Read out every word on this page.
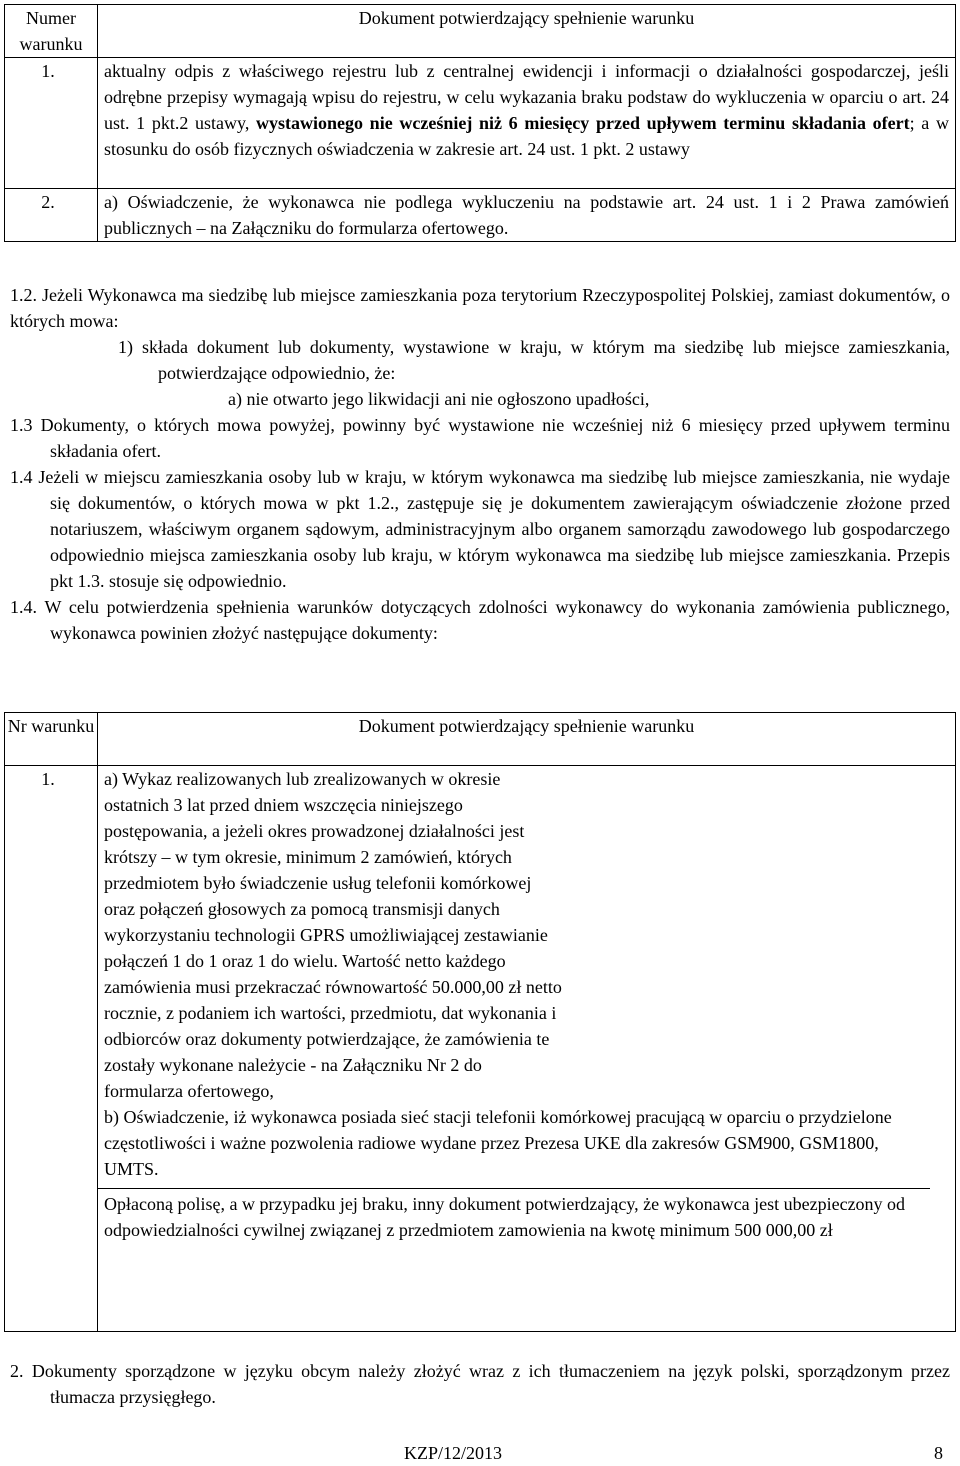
Numer warunku	Dokument potwierdzający spełnienie warunku
1.	aktualny odpis z właściwego rejestru lub z centralnej ewidencji i informacji o działalności gospodarczej, jeśli odrębne przepisy wymagają wpisu do rejestru, w celu wykazania braku podstaw do wykluczenia w oparciu o art. 24 ust. 1 pkt.2 ustawy, wystawionego nie wcześniej niż 6 miesięcy przed upływem terminu składania ofert; a w stosunku do osób fizycznych oświadczenia w zakresie art. 24 ust. 1 pkt. 2 ustawy
2.	a) Oświadczenie, że wykonawca nie podlega wykluczeniu na podstawie art. 24 ust. 1 i 2 Prawa zamówień publicznych – na Załączniku do formularza ofertowego.

1.2. Jeżeli Wykonawca ma siedzibę lub miejsce zamieszkania poza terytorium Rzeczypospolitej Polskiej, zamiast dokumentów, o których mowa:

1) składa dokument lub dokumenty, wystawione w kraju, w którym ma siedzibę lub miejsce zamieszkania, potwierdzające odpowiednio, że:

a) nie otwarto jego likwidacji ani nie ogłoszono upadłości,

1.3 Dokumenty, o których mowa powyżej, powinny być wystawione nie wcześniej niż 6 miesięcy przed upływem terminu składania ofert.

1.4 Jeżeli w miejscu zamieszkania osoby lub w kraju, w którym wykonawca ma siedzibę lub miejsce zamieszkania, nie wydaje się dokumentów, o których mowa w pkt 1.2., zastępuje się je dokumentem zawierającym oświadczenie złożone przed notariuszem, właściwym organem sądowym, administracyjnym albo organem samorządu zawodowego lub gospodarczego odpowiednio miejsca zamieszkania osoby lub kraju, w którym wykonawca ma siedzibę lub miejsce zamieszkania. Przepis pkt 1.3. stosuje się odpowiednio.

1.4. W celu potwierdzenia spełnienia warunków dotyczących zdolności wykonawcy do wykonania zamówienia publicznego, wykonawca powinien złożyć następujące dokumenty:

Nr warunku	Dokument potwierdzający spełnienie warunku
1.	a) Wykaz realizowanych lub zrealizowanych w okresie ostatnich 3 lat przed dniem wszczęcia niniejszego postępowania, a jeżeli okres prowadzonej działalności jest krótszy – w tym okresie, minimum 2 zamówień, których przedmiotem było świadczenie usług telefonii komórkowej oraz połączeń głosowych za pomocą transmisji danych wykorzystaniu technologii GPRS umożliwiającej zestawianie połączeń 1 do 1 oraz 1 do wielu. Wartość netto każdego zamówienia musi przekraczać równowartość 50.000,00 zł netto rocznie, z podaniem ich wartości, przedmiotu, dat wykonania i odbiorców oraz dokumenty potwierdzające, że zamówienia te zostały wykonane należycie - na Załączniku Nr 2 do formularza ofertowego,
b) Oświadczenie, iż wykonawca posiada sieć stacji telefonii komórkowej pracującą w oparciu o przydzielone częstotliwości i ważne pozwolenia radiowe wydane przez Prezesa UKE dla zakresów GSM900, GSM1800, UMTS.
Opłaconą polisę, a w przypadku jej braku, inny dokument potwierdzający, że wykonawca jest ubezpieczony od odpowiedzialności cywilnej związanej z przedmiotem zamowienia na kwotę minimum 500 000,00 zł
2. Dokumenty sporządzone w języku obcym należy złożyć wraz z ich tłumaczeniem na język polski, sporządzonym przez tłumacza przysięgłego.
KZP/12/2013	8
